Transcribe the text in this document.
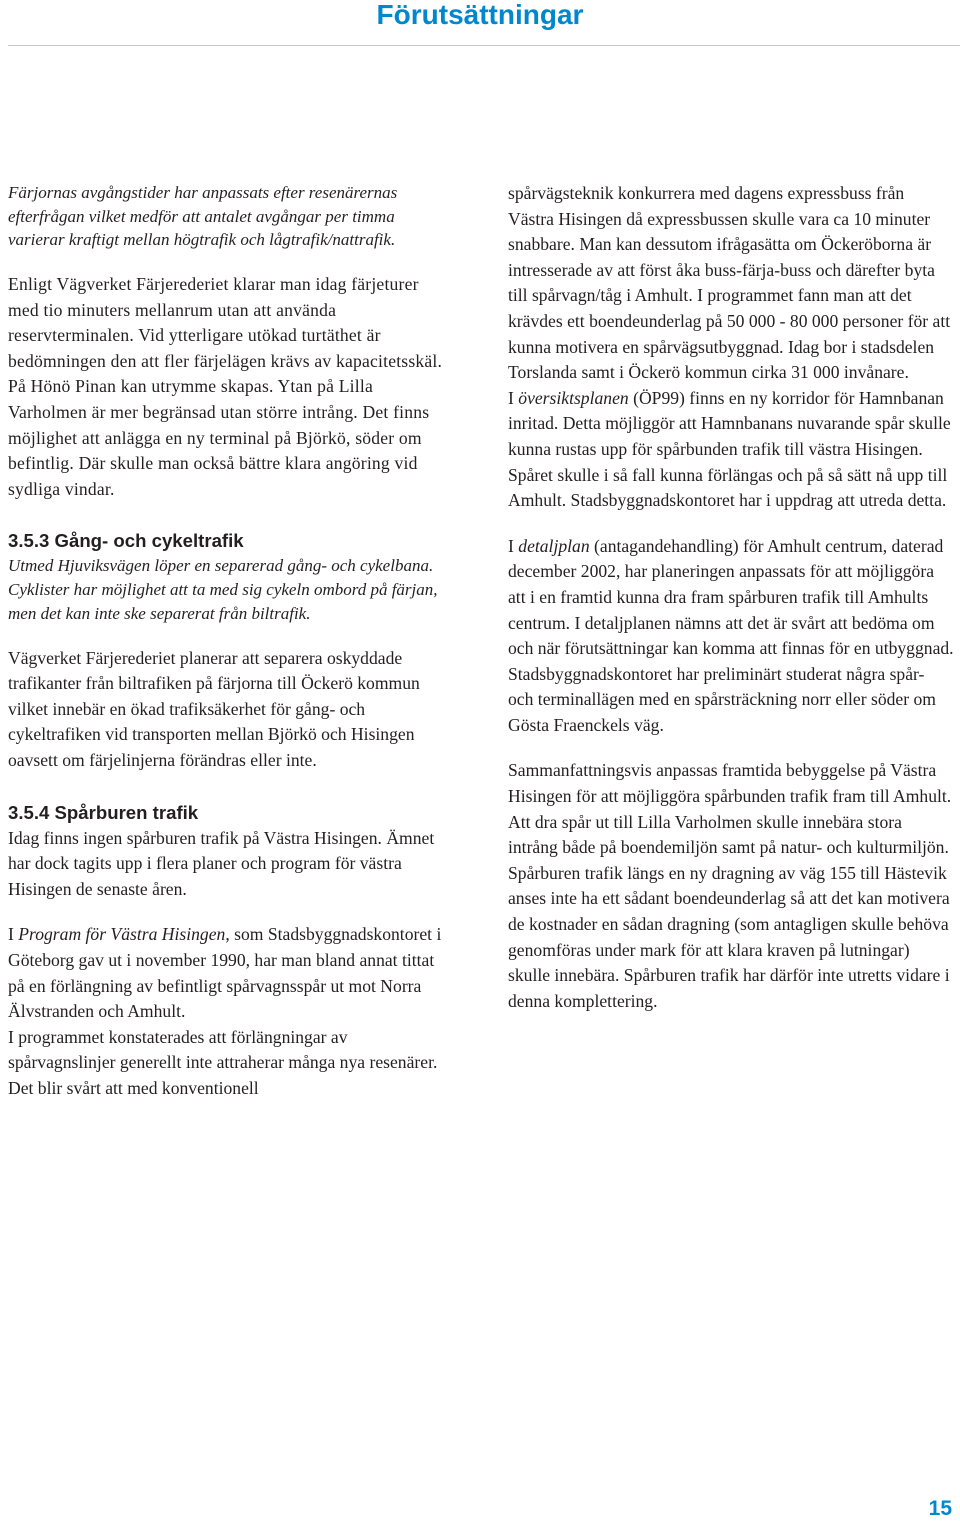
Förutsättningar

Färjornas avgångstider har anpassats efter resenärernas efterfrågan vilket medför att antalet avgångar per timma varierar kraftigt mellan högtrafik och lågtrafik/nattrafik.

Enligt Vägverket Färjerederiet klarar man idag färjeturer med tio minuters mellanrum utan att använda reservterminalen. Vid ytterligare utökad turtäthet är bedömningen den att fler färjelägen krävs av kapacitetsskäl. På Hönö Pinan kan utrymme skapas. Ytan på Lilla Varholmen är mer begränsad utan större intrång. Det finns möjlighet att anlägga en ny terminal på Björkö, söder om befintlig. Där skulle man också bättre klara angöring vid sydliga vindar.

3.5.3 Gång- och cykeltrafik

Utmed Hjuviksvägen löper en separerad gång- och cykelbana. Cyklister har möjlighet att ta med sig cykeln ombord på färjan, men det kan inte ske separerat från biltrafik.

Vägverket Färjerederiet planerar att separera oskyddade trafikanter från biltrafiken på färjorna till Öckerö kommun vilket innebär en ökad trafiksäkerhet för gång- och cykeltrafiken vid transporten mellan Björkö och Hisingen oavsett om färjelinjerna förändras eller inte.

3.5.4 Spårburen trafik

Idag finns ingen spårburen trafik på Västra Hisingen. Ämnet har dock tagits upp i flera planer och program för västra Hisingen de senaste åren.

I Program för Västra Hisingen, som Stadsbyggnadskontoret i Göteborg gav ut i november 1990, har man bland annat tittat på en förlängning av befintligt spårvagnsspår ut mot Norra Älvstranden och Amhult.

I programmet konstaterades att förlängningar av spårvagnslinjer generellt inte attraherar många nya resenärer. Det blir svårt att med konventionell

spårvägsteknik konkurrera med dagens expressbuss från Västra Hisingen då expressbussen skulle vara ca 10 minuter snabbare. Man kan dessutom ifrågasätta om Öckeröborna är intresserade av att först åka buss-färja-buss och därefter byta till spårvagn/tåg i Amhult. I programmet fann man att det krävdes ett boendeunderlag på 50 000 - 80 000 personer för att kunna motivera en spårvägsutbyggnad. Idag bor i stadsdelen Torslanda samt i Öckerö kommun cirka 31 000 invånare.

I översiktsplanen (ÖP99) finns en ny korridor för Hamnbanan inritad. Detta möjliggör att Hamnbanans nuvarande spår skulle kunna rustas upp för spårbunden trafik till västra Hisingen. Spåret skulle i så fall kunna förlängas och på så sätt nå upp till Amhult. Stadsbyggnadskontoret har i uppdrag att utreda detta.

I detaljplan (antagandehandling) för Amhult centrum, daterad december 2002, har planeringen anpassats för att möjliggöra att i en framtid kunna dra fram spårburen trafik till Amhults centrum. I detaljplanen nämns att det är svårt att bedöma om och när förutsättningar kan komma att finnas för en utbyggnad. Stadsbyggnadskontoret har preliminärt studerat några spår- och terminallägen med en spårsträckning norr eller söder om Gösta Fraenckels väg.

Sammanfattningsvis anpassas framtida bebyggelse på Västra Hisingen för att möjliggöra spårbunden trafik fram till Amhult. Att dra spår ut till Lilla Varholmen skulle innebära stora intrång både på boendemiljön samt på natur- och kulturmiljön. Spårburen trafik längs en ny dragning av väg 155 till Hästevik anses inte ha ett sådant boendeunderlag så att det kan motivera de kostnader en sådan dragning (som antagligen skulle behöva genomföras under mark för att klara kraven på lutningar) skulle innebära. Spårburen trafik har därför inte utretts vidare i denna komplettering.

15
